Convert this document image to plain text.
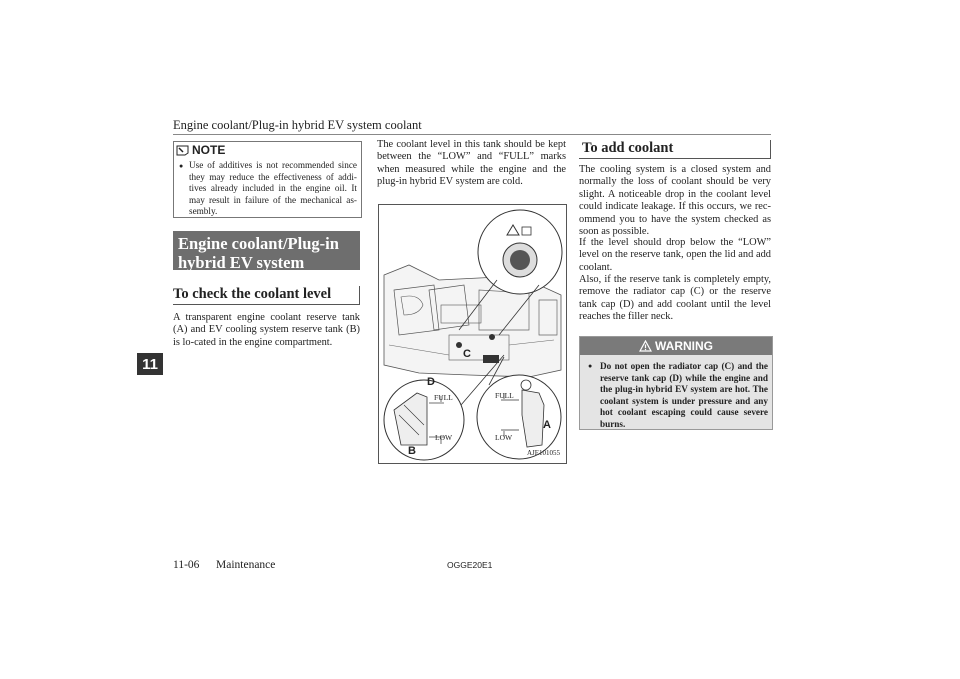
Engine coolant/Plug-in hybrid EV system coolant
11
NOTE
● Use of additives is not recommended since they may reduce the effectiveness of addi-tives already included in the engine oil. It may result in failure of the mechanical as-sembly.
Engine coolant/Plug-in hybrid EV system coolant
To check the coolant level
A transparent engine coolant reserve tank (A) and EV cooling system reserve tank (B) is lo-cated in the engine compartment.
The coolant level in this tank should be kept between the “LOW” and “FULL” marks when measured while the engine and the plug-in hybrid EV system are cold.
C
D
B
A
FULL
LOW
FULL
LOW
AJE101055
To add coolant
The cooling system is a closed system and normally the loss of coolant should be very slight. A noticeable drop in the coolant level could indicate leakage. If this occurs, we rec-ommend you to have the system checked as soon as possible.
If the level should drop below the “LOW” level on the reserve tank, open the lid and add coolant.
Also, if the reserve tank is completely empty, remove the radiator cap (C) or the reserve tank cap (D) and add coolant until the level reaches the filler neck.
WARNING
● Do not open the radiator cap (C) and the reserve tank cap (D) while the engine and the plug-in hybrid EV system are hot. The coolant system is under pressure and any hot coolant escaping could cause severe burns.
11-06 Maintenance	OGGE20E1
